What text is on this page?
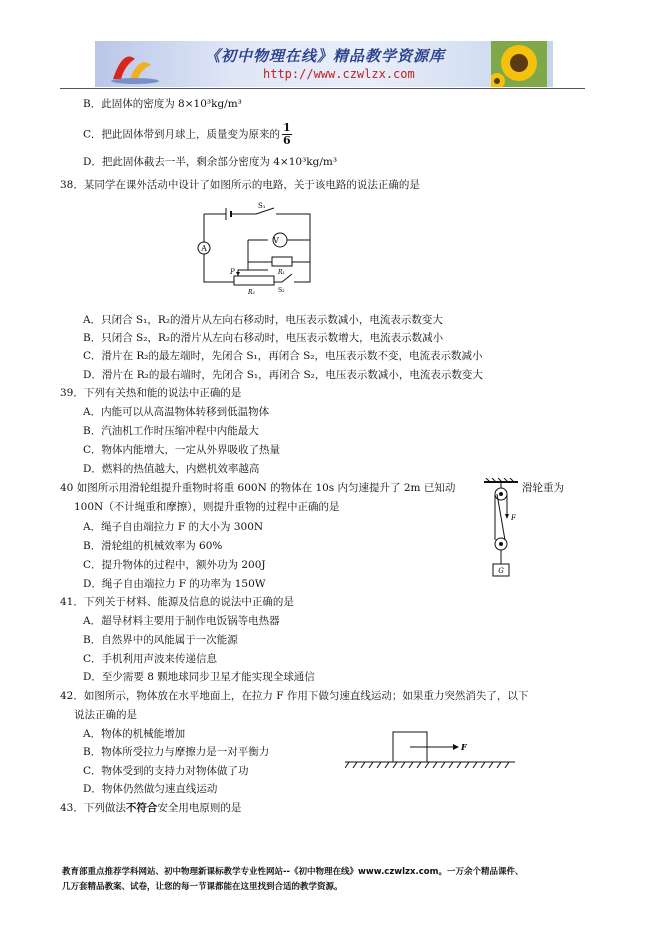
《初中物理在线》精品教学资源库
http://www.czwlzx.com
B．此固体的密度为 8×10³kg/m³
C．把此固体带到月球上，质量变为原来的 $\frac{1}{6}$
D．把此固体截去一半，剩余部分密度为 4×10³kg/m³
38．某同学在课外活动中设计了如图所示的电路，关于该电路的说法正确的是
S₁
V
R₁
A
P
S₂
R₂
A．只闭合 S₁，R₂的滑片从左向右移动时，电压表示数减小，电流表示数变大
B．只闭合 S₂，R₂的滑片从左向右移动时，电压表示数增大，电流表示数减小
C．滑片在 R₂的最左端时，先闭合 S₁，再闭合 S₂，电压表示数不变，电流表示数减小
D．滑片在 R₂的最右端时，先闭合 S₁，再闭合 S₂，电压表示数减小，电流表示数变大
39．下列有关热和能的说法中正确的是
A．内能可以从高温物体转移到低温物体
B．汽油机工作时压缩冲程中内能最大
C．物体内能增大，一定从外界吸收了热量
D．燃料的热值越大，内燃机效率越高
40 如图所示用滑轮组提升重物时将重 600N 的物体在 10s 内匀速提升了 2m 已知动	滑轮重为
100N（不计绳重和摩擦），则提升重物的过程中正确的是
F
G
A．绳子自由端拉力 F 的大小为 300N
B．滑轮组的机械效率为 60%
C．提升物体的过程中，额外功为 200J
D．绳子自由端拉力 F 的功率为 150W
41．下列关于材料、能源及信息的说法中正确的是
A．超导材料主要用于制作电饭锅等电热器
B．自然界中的风能属于一次能源
C．手机利用声波来传递信息
D．至少需要 8 颗地球同步卫星才能实现全球通信
42．如图所示，物体放在水平地面上，在拉力 F 作用下做匀速直线运动；如果重力突然消失了，以下
说法正确的是
A．物体的机械能增加
B．物体所受拉力与摩擦力是一对平衡力
C．物体受到的支持力对物体做了功
D．物体仍然做匀速直线运动
F
43．下列做法不符合安全用电原则的是
教育部重点推荐学科网站、初中物理新课标教学专业性网站--《初中物理在线》www.czwlzx.com。一万余个精品课件、
几万套精品教案、试卷，让您的每一节课都能在这里找到合适的教学资源。
